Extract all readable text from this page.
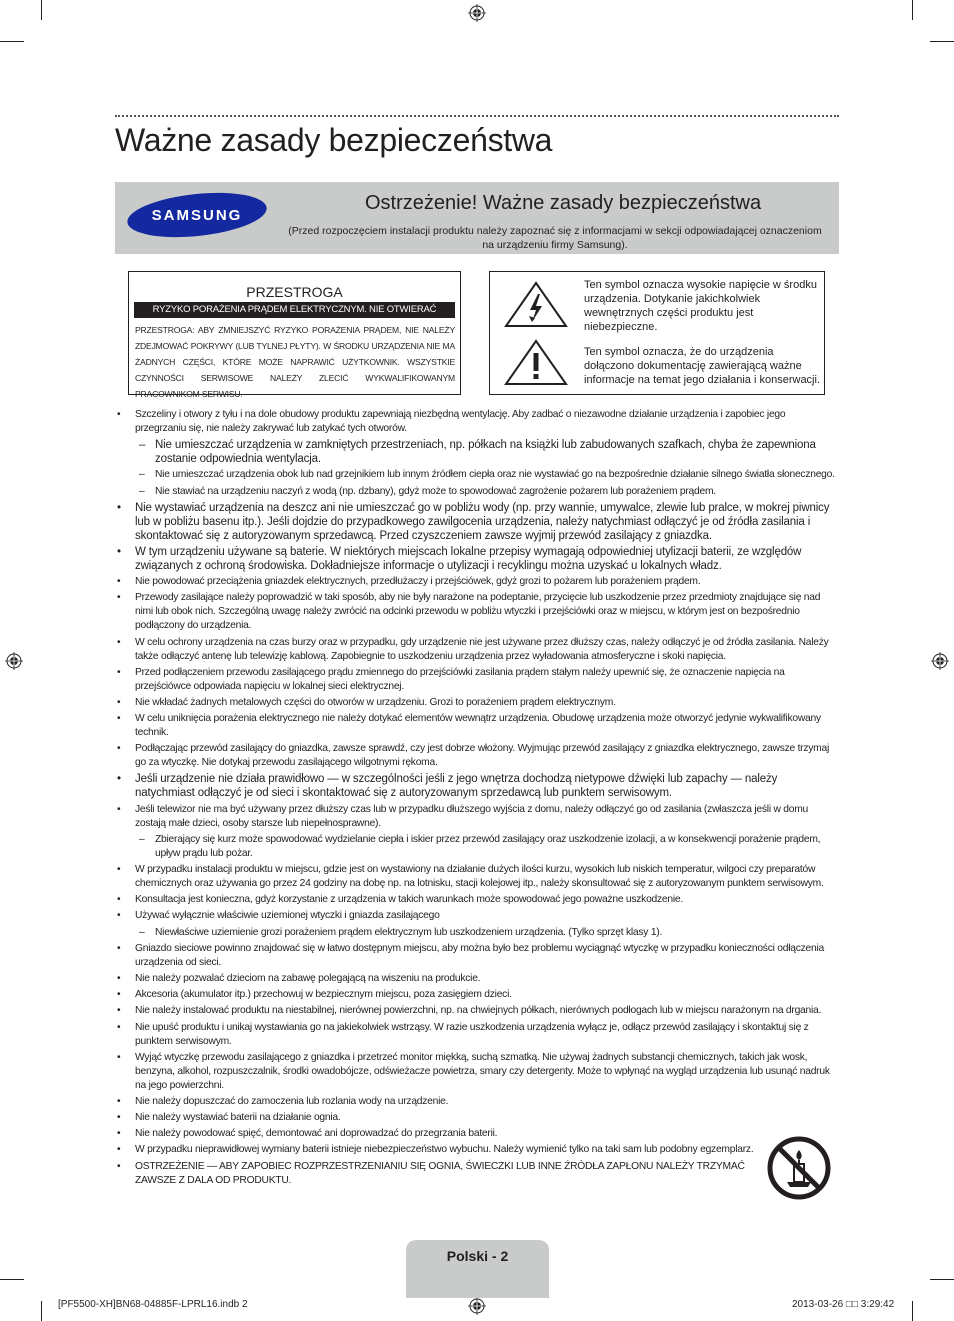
Ważne zasady bezpieczeństwa
SAMSUNG
Ostrzeżenie! Ważne zasady bezpieczeństwa
(Przed rozpoczęciem instalacji produktu należy zapoznać się z informacjami w sekcji odpowiadającej oznaczeniom na urządzeniu firmy Samsung).
PRZESTROGA
RYZYKO PORAŻENIA PRĄDEM ELEKTRYCZNYM. NIE OTWIERAĆ
PRZESTROGA: ABY ZMNIEJSZYĆ RYZYKO PORAŻENIA PRĄDEM, NIE NALEŻY ZDEJMOWAĆ POKRYWY (LUB TYLNEJ PŁYTY). W ŚRODKU URZĄDZENIA NIE MA ŻADNYCH CZĘŚCI, KTÓRE MOŻE NAPRAWIĆ UŻYTKOWNIK. WSZYSTKIE CZYNNOŚCI SERWISOWE NALEŻY ZLECIĆ WYKWALIFIKOWANYM PRACOWNIKOM SERWISU.
Ten symbol oznacza wysokie napięcie w środku urządzenia. Dotykanie jakichkolwiek wewnętrznych części produktu jest niebezpieczne.
Ten symbol oznacza, że do urządzenia dołączono dokumentację zawierającą ważne informacje na temat jego działania i konserwacji.
• Szczeliny i otwory z tyłu i na dole obudowy produktu zapewniają niezbędną wentylację. Aby zadbać o niezawodne działanie urządzenia i zapobiec jego przegrzaniu się, nie należy zakrywać lub zatykać tych otworów.
– Nie umieszczać urządzenia w zamkniętych przestrzeniach, np. półkach na książki lub zabudowanych szafkach, chyba że zapewniona zostanie odpowiednia wentylacja.
– Nie umieszczać urządzenia obok lub nad grzejnikiem lub innym źródłem ciepła oraz nie wystawiać go na bezpośrednie działanie silnego światła słonecznego.
– Nie stawiać na urządzeniu naczyń z wodą (np. dzbany), gdyż może to spowodować zagrożenie pożarem lub porażeniem prądem.
• Nie wystawiać urządzenia na deszcz ani nie umieszczać go w pobliżu wody (np. przy wannie, umywalce, zlewie lub pralce, w mokrej piwnicy lub w pobliżu basenu itp.). Jeśli dojdzie do przypadkowego zawilgocenia urządzenia, należy natychmiast odłączyć je od źródła zasilania i skontaktować się z autoryzowanym sprzedawcą. Przed czyszczeniem zawsze wyjmij przewód zasilający z gniazdka.
• W tym urządzeniu używane są baterie. W niektórych miejscach lokalne przepisy wymagają odpowiedniej utylizacji baterii, ze względów związanych z ochroną środowiska. Dokładniejsze informacje o utylizacji i recyklingu można uzyskać u lokalnych władz.
• Nie powodować przeciążenia gniazdek elektrycznych, przedłużaczy i przejściówek, gdyż grozi to pożarem lub porażeniem prądem.
• Przewody zasilające należy poprowadzić w taki sposób, aby nie były narażone na podeptanie, przycięcie lub uszkodzenie przez przedmioty znajdujące się nad nimi lub obok nich. Szczególną uwagę należy zwrócić na odcinki przewodu w pobliżu wtyczki i przejściówki oraz w miejscu, w którym jest on bezpośrednio podłączony do urządzenia.
• W celu ochrony urządzenia na czas burzy oraz w przypadku, gdy urządzenie nie jest używane przez dłuższy czas, należy odłączyć je od źródła zasilania. Należy także odłączyć antenę lub telewizję kablową. Zapobiegnie to uszkodzeniu urządzenia przez wyładowania atmosferyczne i skoki napięcia.
• Przed podłączeniem przewodu zasilającego prądu zmiennego do przejściówki zasilania prądem stałym należy upewnić się, że oznaczenie napięcia na przejściówce odpowiada napięciu w lokalnej sieci elektrycznej.
• Nie wkładać żadnych metalowych części do otworów w urządzeniu. Grozi to porażeniem prądem elektrycznym.
• W celu uniknięcia porażenia elektrycznego nie należy dotykać elementów wewnątrz urządzenia. Obudowę urządzenia może otworzyć jedynie wykwalifikowany technik.
• Podłączając przewód zasilający do gniazdka, zawsze sprawdź, czy jest dobrze włożony. Wyjmując przewód zasilający z gniazdka elektrycznego, zawsze trzymaj go za wtyczkę. Nie dotykaj przewodu zasilającego wilgotnymi rękoma.
• Jeśli urządzenie nie działa prawidłowo — w szczególności jeśli z jego wnętrza dochodzą nietypowe dźwięki lub zapachy — należy natychmiast odłączyć je od sieci i skontaktować się z autoryzowanym sprzedawcą lub punktem serwisowym.
• Jeśli telewizor nie ma być używany przez dłuższy czas lub w przypadku dłuższego wyjścia z domu, należy odłączyć go od zasilania (zwłaszcza jeśli w domu zostają małe dzieci, osoby starsze lub niepełnosprawne).
– Zbierający się kurz może spowodować wydzielanie ciepła i iskier przez przewód zasilający oraz uszkodzenie izolacji, a w konsekwencji porażenie prądem, upływ prądu lub pożar.
• W przypadku instalacji produktu w miejscu, gdzie jest on wystawiony na działanie dużych ilości kurzu, wysokich lub niskich temperatur, wilgoci czy preparatów chemicznych oraz używania go przez 24 godziny na dobę np. na lotnisku, stacji kolejowej itp., należy skonsultować się z autoryzowanym punktem serwisowym.
• Konsultacja jest konieczna, gdyż korzystanie z urządzenia w takich warunkach może spowodować jego poważne uszkodzenie.
• Używać wyłącznie właściwie uziemionej wtyczki i gniazda zasilającego
– Niewłaściwe uziemienie grozi porażeniem prądem elektrycznym lub uszkodzeniem urządzenia. (Tylko sprzęt klasy 1).
• Gniazdo sieciowe powinno znajdować się w łatwo dostępnym miejscu, aby można było bez problemu wyciągnąć wtyczkę w przypadku konieczności odłączenia urządzenia od sieci.
• Nie należy pozwalać dzieciom na zabawę polegającą na wiszeniu na produkcie.
• Akcesoria (akumulator itp.) przechowuj w bezpiecznym miejscu, poza zasięgiem dzieci.
• Nie należy instalować produktu na niestabilnej, nierównej powierzchni, np. na chwiejnych półkach, nierównych podłogach lub w miejscu narażonym na drgania.
• Nie upuść produktu i unikaj wystawiania go na jakiekolwiek wstrząsy. W razie uszkodzenia urządzenia wyłącz je, odłącz przewód zasilający i skontaktuj się z punktem serwisowym.
• Wyjąć wtyczkę przewodu zasilającego z gniazdka i przetrzeć monitor miękką, suchą szmatką. Nie używaj żadnych substancji chemicznych, takich jak wosk, benzyna, alkohol, rozpuszczalnik, środki owadobójcze, odświeżacze powietrza, smary czy detergenty. Może to wpłynąć na wygląd urządzenia lub usunąć nadruk na jego powierzchni.
• Nie należy dopuszczać do zamoczenia lub rozlania wody na urządzenie.
• Nie należy wystawiać baterii na działanie ognia.
• Nie należy powodować spięć, demontować ani doprowadzać do przegrzania baterii.
• W przypadku nieprawidłowej wymiany baterii istnieje niebezpieczeństwo wybuchu. Należy wymienić tylko na taki sam lub podobny egzemplarz.
• OSTRZEŻENIE — ABY ZAPOBIEC ROZPRZESTRZENIANIU SIĘ OGNIA, ŚWIECZKI LUB INNE ŹRÓDŁA ZAPŁONU NALEŻY TRZYMAĆ ZAWSZE Z DALA OD PRODUKTU.
Polski - 2
[PF5500-XH]BN68-04885F-LPRL16.indb 2	2013-03-26 □□ 3:29:42
